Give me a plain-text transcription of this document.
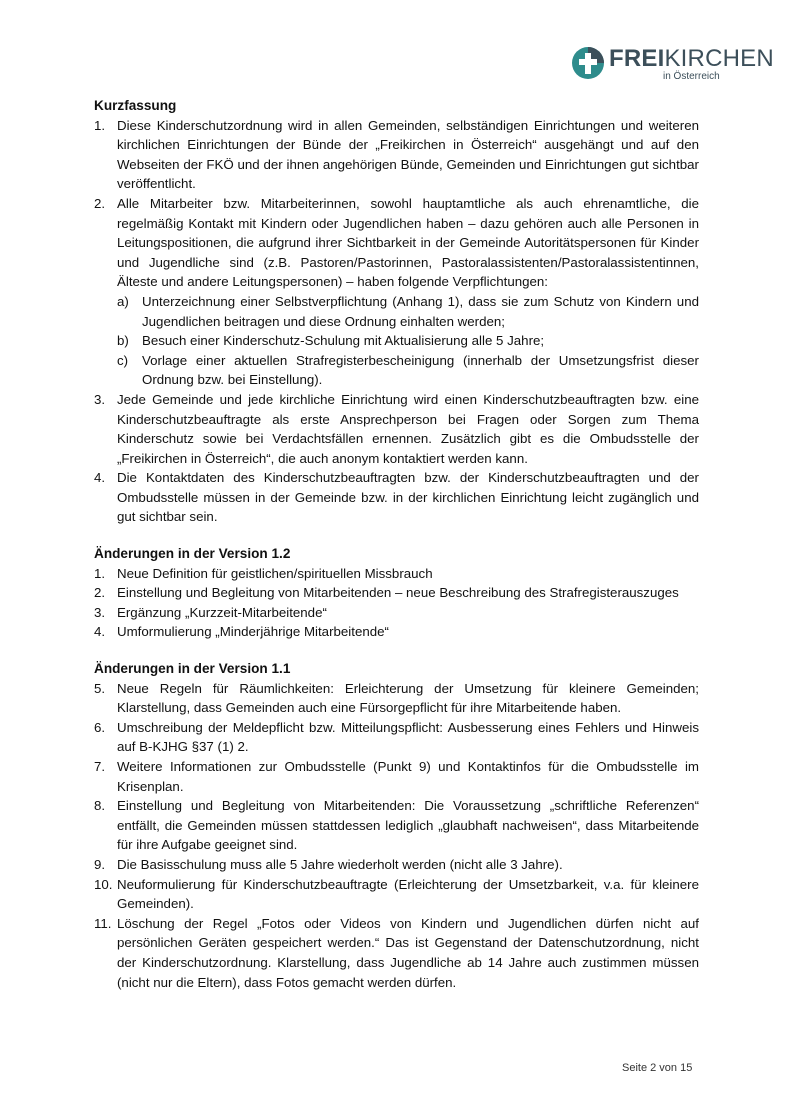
FREIKIRCHEN
in Österreich
Kurzfassung
1. Diese Kinderschutzordnung wird in allen Gemeinden, selbständigen Einrichtungen und weiteren kirchlichen Einrichtungen der Bünde der „Freikirchen in Österreich“ ausgehängt und auf den Webseiten der FKÖ und der ihnen angehörigen Bünde, Gemeinden und Einrichtungen gut sichtbar veröffentlicht.
2. Alle Mitarbeiter bzw. Mitarbeiterinnen, sowohl hauptamtliche als auch ehrenamtliche, die regelmäßig Kontakt mit Kindern oder Jugendlichen haben – dazu gehören auch alle Personen in Leitungspositionen, die aufgrund ihrer Sichtbarkeit in der Gemeinde Autoritätspersonen für Kinder und Jugendliche sind (z.B. Pastoren/Pastorinnen, Pastoralassistenten/Pastoralassistentinnen, Älteste und andere Leitungspersonen) – haben folgende Verpflichtungen:
a) Unterzeichnung einer Selbstverpflichtung (Anhang 1), dass sie zum Schutz von Kindern und Jugendlichen beitragen und diese Ordnung einhalten werden;
b) Besuch einer Kinderschutz-Schulung mit Aktualisierung alle 5 Jahre;
c) Vorlage einer aktuellen Strafregisterbescheinigung (innerhalb der Umsetzungsfrist dieser Ordnung bzw. bei Einstellung).
3. Jede Gemeinde und jede kirchliche Einrichtung wird einen Kinderschutzbeauftragten bzw. eine Kinderschutzbeauftragte als erste Ansprechperson bei Fragen oder Sorgen zum Thema Kinderschutz sowie bei Verdachtsfällen ernennen. Zusätzlich gibt es die Ombudsstelle der „Freikirchen in Österreich“, die auch anonym kontaktiert werden kann.
4. Die Kontaktdaten des Kinderschutzbeauftragten bzw. der Kinderschutzbeauftragten und der Ombudsstelle müssen in der Gemeinde bzw. in der kirchlichen Einrichtung leicht zugänglich und gut sichtbar sein.
Änderungen in der Version 1.2
1. Neue Definition für geistlichen/spirituellen Missbrauch
2. Einstellung und Begleitung von Mitarbeitenden – neue Beschreibung des Strafregisterauszuges
3. Ergänzung „Kurzzeit-Mitarbeitende“
4. Umformulierung „Minderjährige Mitarbeitende“
Änderungen in der Version 1.1
5. Neue Regeln für Räumlichkeiten: Erleichterung der Umsetzung für kleinere Gemeinden; Klarstellung, dass Gemeinden auch eine Fürsorgepflicht für ihre Mitarbeitende haben.
6. Umschreibung der Meldepflicht bzw. Mitteilungspflicht: Ausbesserung eines Fehlers und Hinweis auf B-KJHG §37 (1) 2.
7. Weitere Informationen zur Ombudsstelle (Punkt 9) und Kontaktinfos für die Ombudsstelle im Krisenplan.
8. Einstellung und Begleitung von Mitarbeitenden: Die Voraussetzung „schriftliche Referenzen“ entfällt, die Gemeinden müssen stattdessen lediglich „glaubhaft nachweisen“, dass Mitarbeitende für ihre Aufgabe geeignet sind.
9. Die Basisschulung muss alle 5 Jahre wiederholt werden (nicht alle 3 Jahre).
10. Neuformulierung für Kinderschutzbeauftragte (Erleichterung der Umsetzbarkeit, v.a. für kleinere Gemeinden).
11. Löschung der Regel „Fotos oder Videos von Kindern und Jugendlichen dürfen nicht auf persönlichen Geräten gespeichert werden.“ Das ist Gegenstand der Datenschutzordnung, nicht der Kinderschutzordnung. Klarstellung, dass Jugendliche ab 14 Jahre auch zustimmen müssen (nicht nur die Eltern), dass Fotos gemacht werden dürfen.
Seite 2 von 15
